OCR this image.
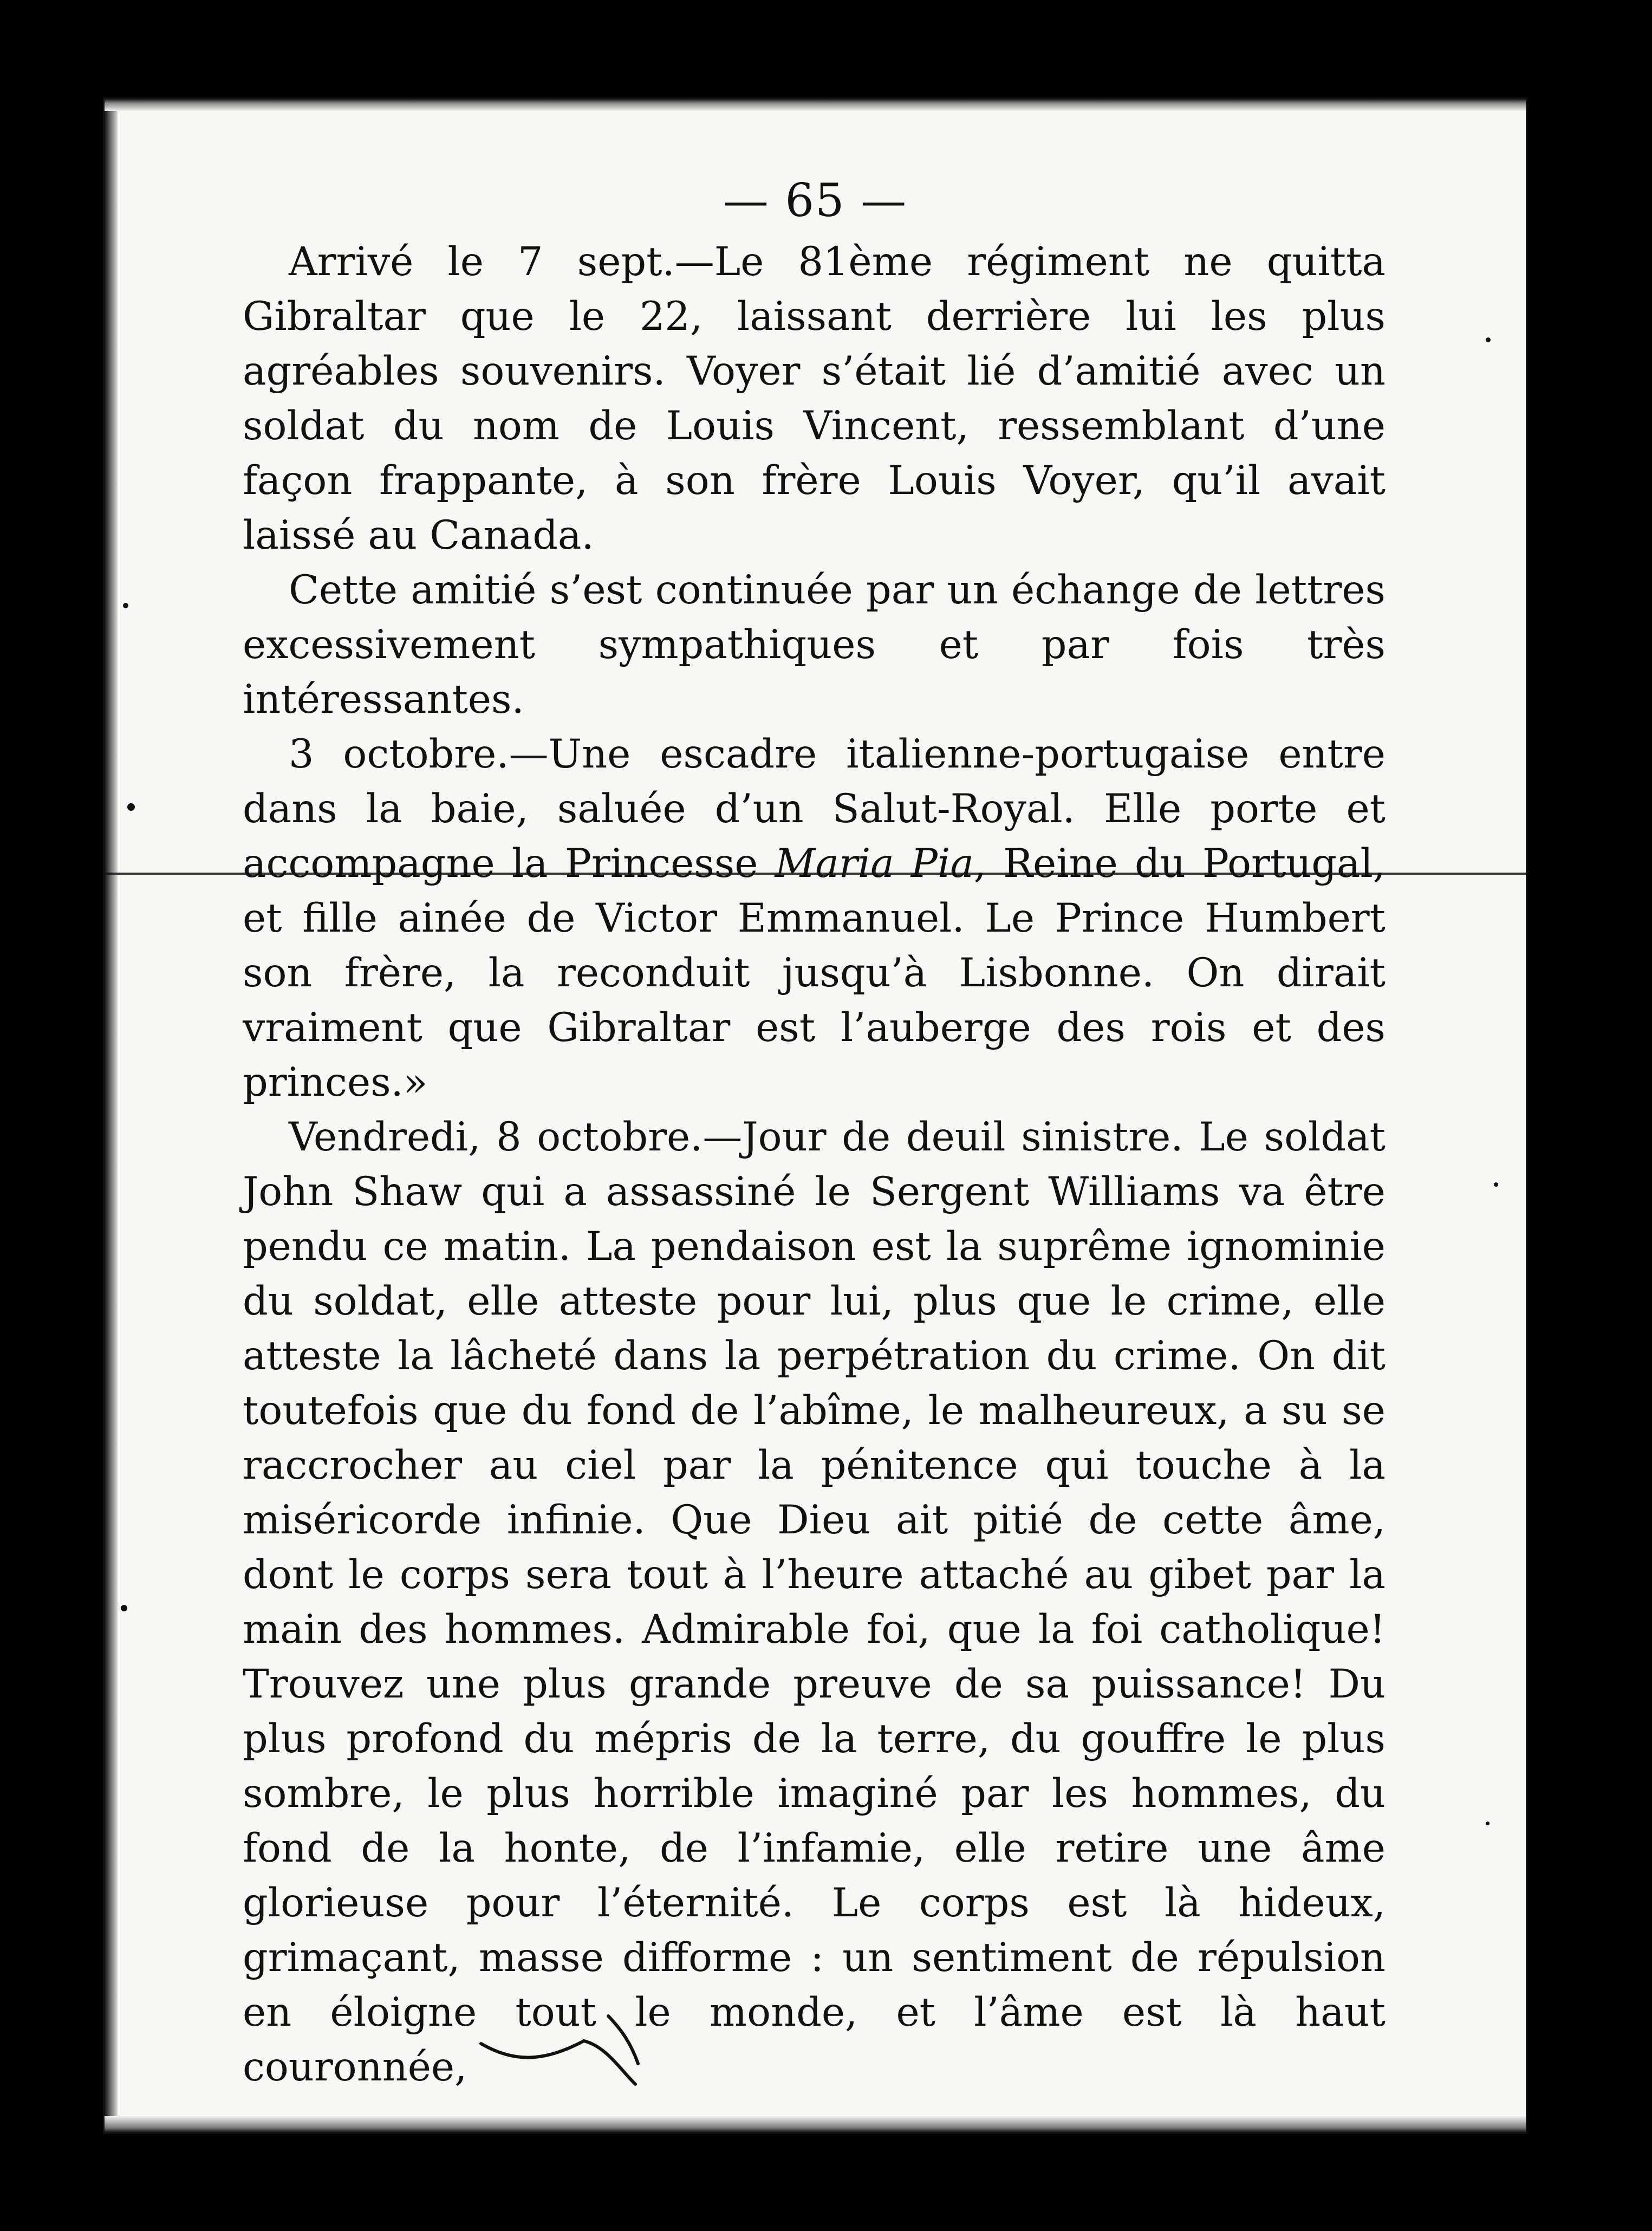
— 65 —

Arrivé le 7 sept.—Le 81ème régiment ne quitta Gibraltar que le 22, laissant derrière lui les plus agréables souvenirs. Voyer s’était lié d’amitié avec un soldat du nom de Louis Vincent, ressemblant d’une façon frappante, à son frère Louis Voyer, qu’il avait laissé au Canada.

Cette amitié s’est continuée par un échange de lettres excessivement sympathiques et par fois très intéressantes.

3 octobre.—Une escadre italienne-portugaise entre dans la baie, saluée d’un Salut-Royal. Elle porte et accompagne la Princesse Maria Pia, Reine du Portugal, et fille ainée de Victor Emmanuel. Le Prince Humbert son frère, la reconduit jusqu’à Lisbonne. On dirait vraiment que Gibraltar est l’auberge des rois et des princes.»

Vendredi, 8 octobre.—Jour de deuil sinistre. Le soldat John Shaw qui a assassiné le Sergent Williams va être pendu ce matin. La pendaison est la suprême ignominie du soldat, elle atteste pour lui, plus que le crime, elle atteste la lâcheté dans la perpétration du crime. On dit toutefois que du fond de l’abîme, le malheureux, a su se raccrocher au ciel par la pénitence qui touche à la miséricorde infinie. Que Dieu ait pitié de cette âme, dont le corps sera tout à l’heure attaché au gibet par la main des hommes. Admirable foi, que la foi catholique! Trouvez une plus grande preuve de sa puissance! Du plus profond du mépris de la terre, du gouffre le plus sombre, le plus horrible imaginé par les hommes, du fond de la honte, de l’infamie, elle retire une âme glorieuse pour l’éternité. Le corps est là hideux, grimaçant, masse difforme : un sentiment de répulsion en éloigne tout le monde, et l’âme est là haut couronnée,
